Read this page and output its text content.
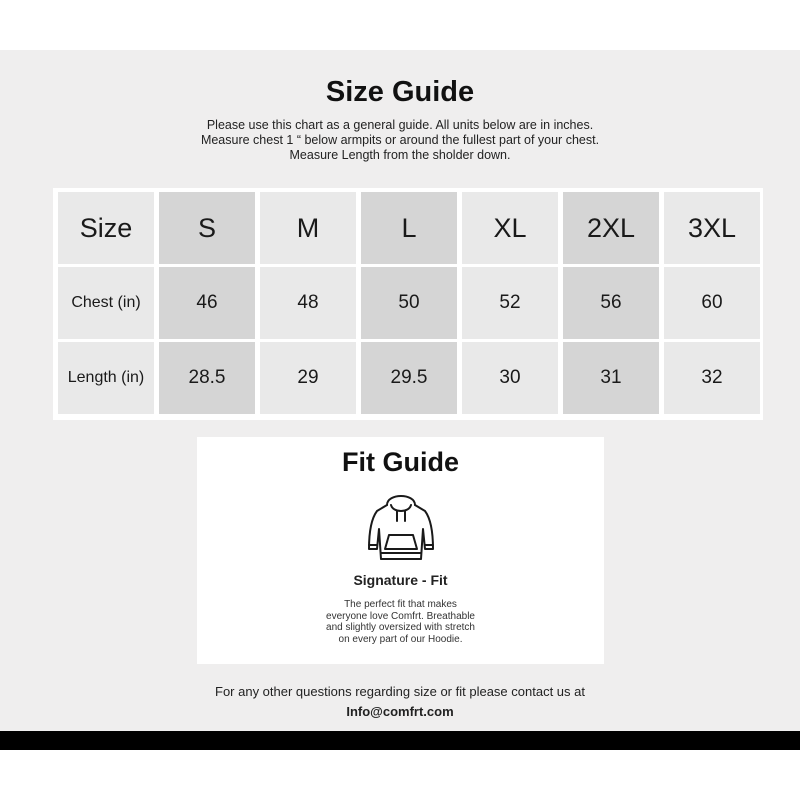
Size Guide
Please use this chart as a general guide. All units below are in inches.
Measure chest 1 “ below armpits or around the fullest part of your chest.
Measure Length from the sholder down.
Size	S	M	L	XL	2XL	3XL
Chest (in)	46	48	50	52	56	60
Length (in)	28.5	29	29.5	30	31	32
Fit Guide
Signature - Fit
The perfect fit that makes
everyone love Comfrt. Breathable
and slightly oversized with stretch
on every part of our Hoodie.
For any other questions regarding size or fit please contact us at
Info@comfrt.com
